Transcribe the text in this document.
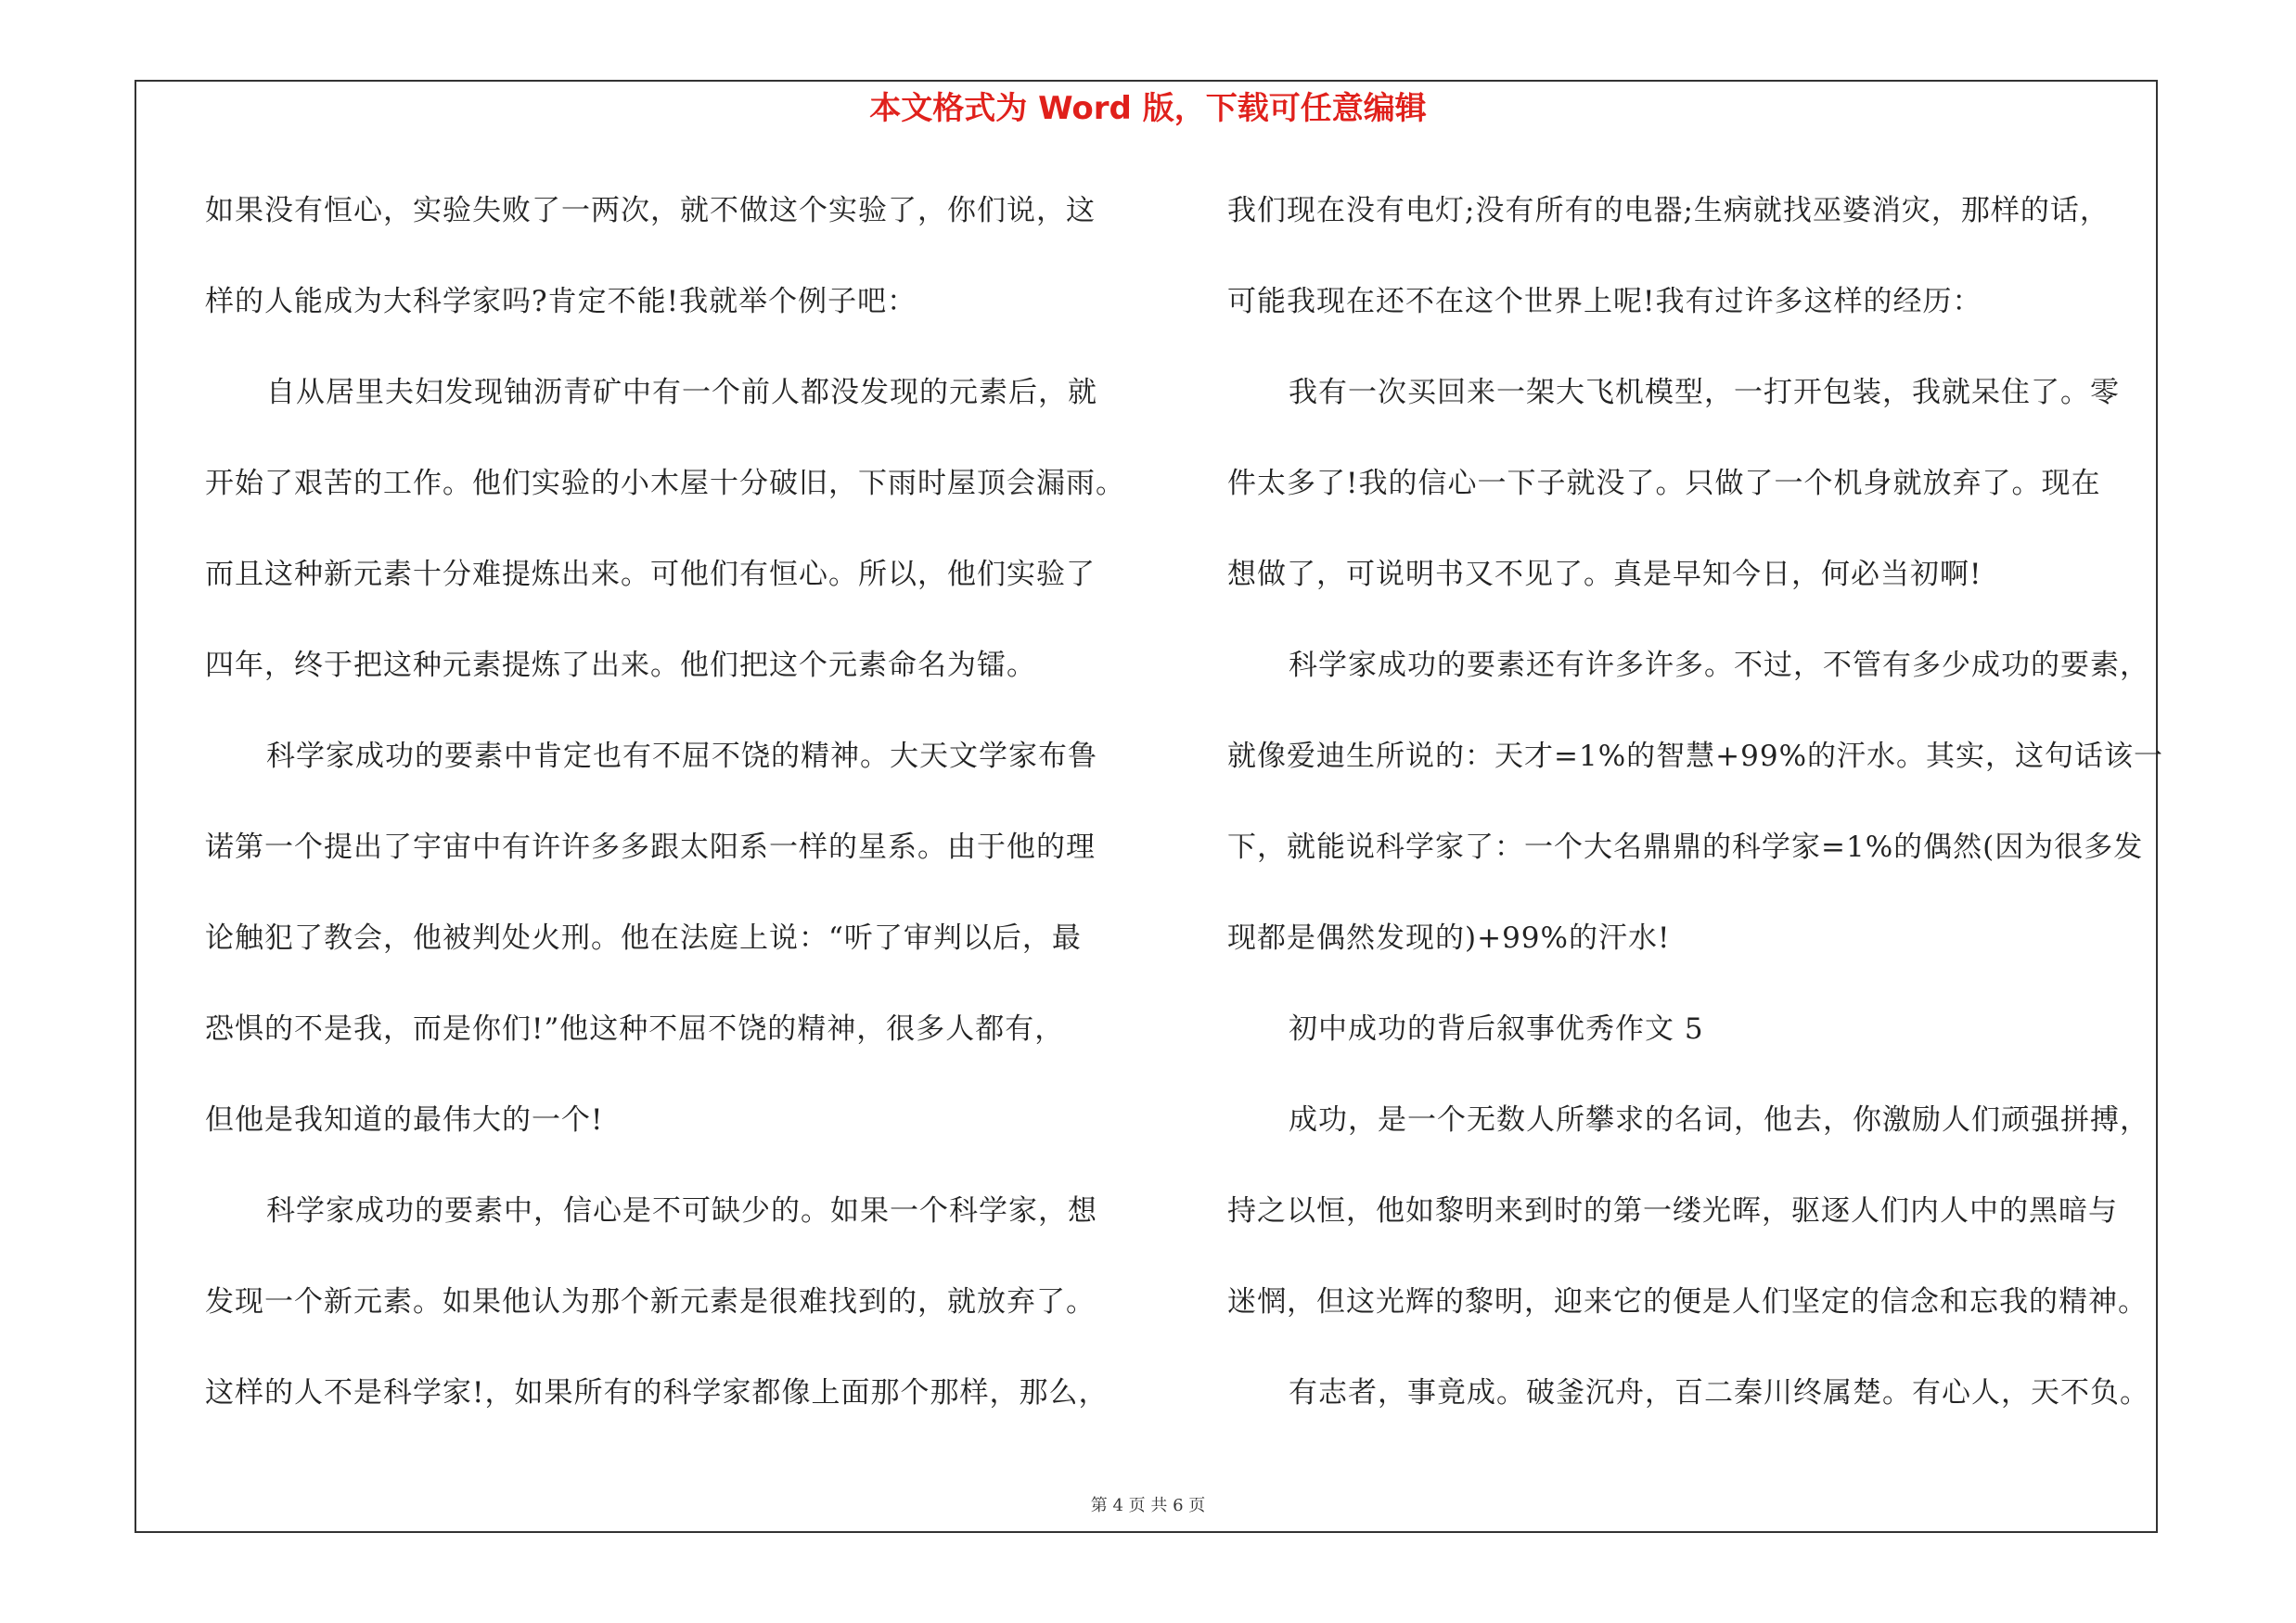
本文格式为 Word 版，下载可任意编辑
如果没有恒心，实验失败了一两次，就不做这个实验了，你们说，这
样的人能成为大科学家吗?肯定不能!我就举个例子吧：
自从居里夫妇发现铀沥青矿中有一个前人都没发现的元素后，就
开始了艰苦的工作。他们实验的小木屋十分破旧，下雨时屋顶会漏雨。
而且这种新元素十分难提炼出来。可他们有恒心。所以，他们实验了
四年，终于把这种元素提炼了出来。他们把这个元素命名为镭。
科学家成功的要素中肯定也有不屈不饶的精神。大天文学家布鲁
诺第一个提出了宇宙中有许许多多跟太阳系一样的星系。由于他的理
论触犯了教会，他被判处火刑。他在法庭上说：“听了审判以后，最
恐惧的不是我，而是你们!”他这种不屈不饶的精神，很多人都有，
但他是我知道的最伟大的一个!
科学家成功的要素中，信心是不可缺少的。如果一个科学家，想
发现一个新元素。如果他认为那个新元素是很难找到的，就放弃了。
这样的人不是科学家!，如果所有的科学家都像上面那个那样，那么，
我们现在没有电灯;没有所有的电器;生病就找巫婆消灾，那样的话，
可能我现在还不在这个世界上呢!我有过许多这样的经历：
我有一次买回来一架大飞机模型，一打开包装，我就呆住了。零
件太多了!我的信心一下子就没了。只做了一个机身就放弃了。现在
想做了，可说明书又不见了。真是早知今日，何必当初啊!
科学家成功的要素还有许多许多。不过，不管有多少成功的要素，
就像爱迪生所说的：天才=1%的智慧+99%的汗水。其实，这句话该一
下，就能说科学家了：一个大名鼎鼎的科学家=1%的偶然(因为很多发
现都是偶然发现的)+99%的汗水!
初中成功的背后叙事优秀作文 5
成功，是一个无数人所攀求的名词，他去，你激励人们顽强拼搏，
持之以恒，他如黎明来到时的第一缕光晖，驱逐人们内人中的黑暗与
迷惘，但这光辉的黎明，迎来它的便是人们坚定的信念和忘我的精神。
有志者，事竟成。破釜沉舟，百二秦川终属楚。有心人，天不负。
第 4 页 共 6 页
